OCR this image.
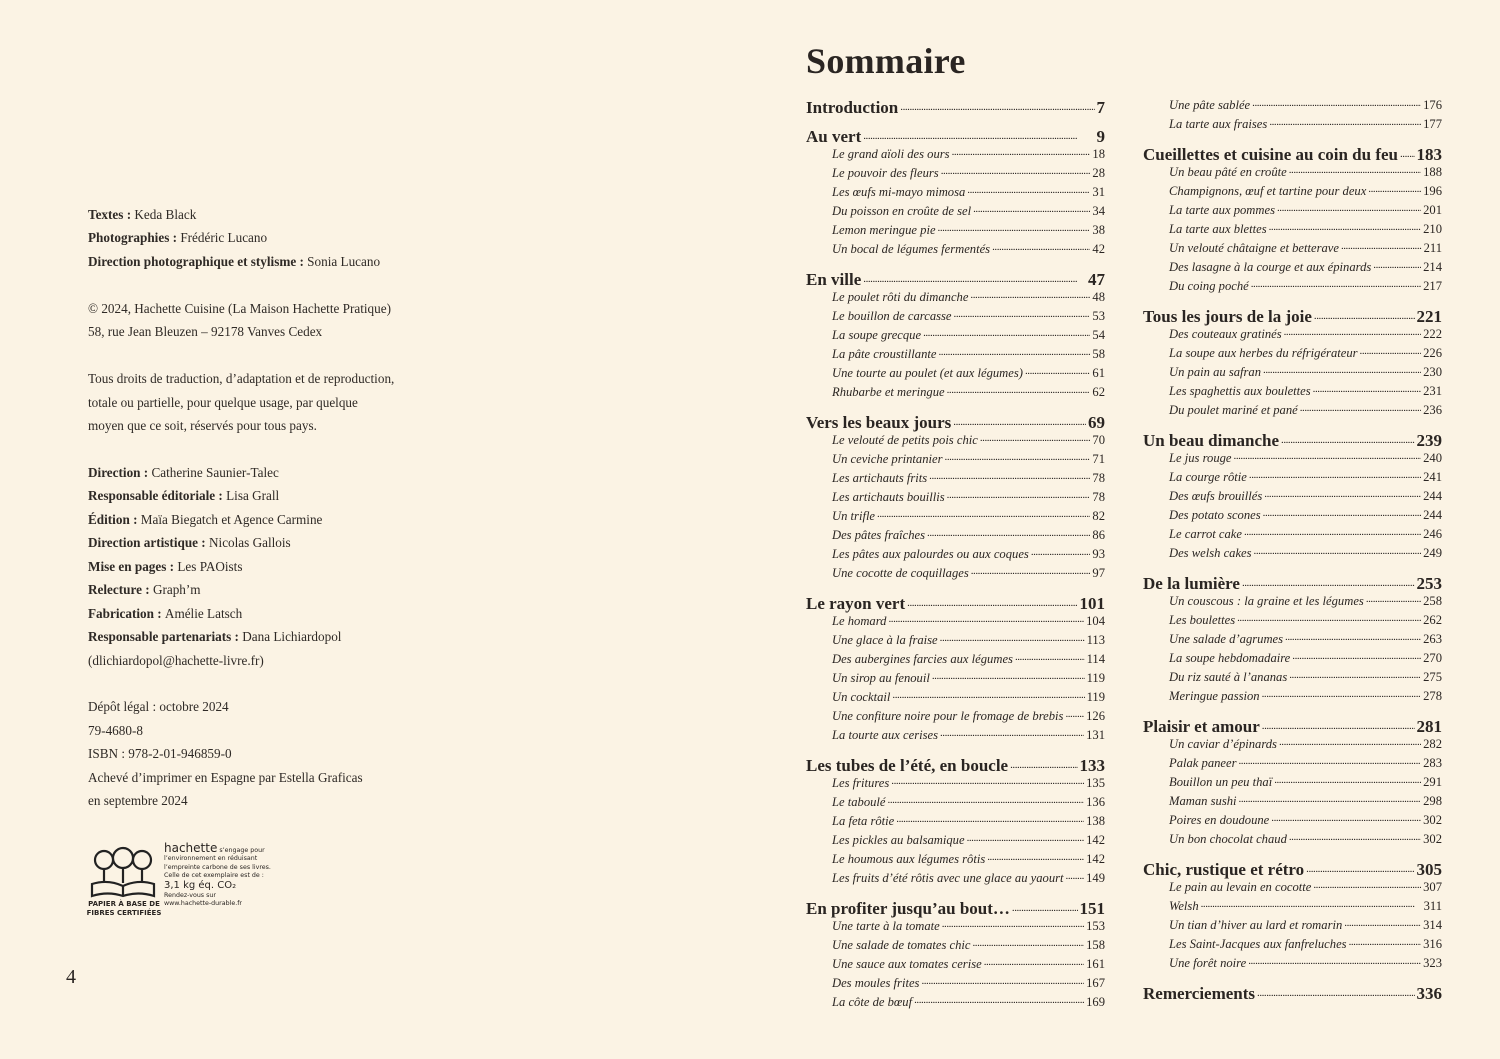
Textes : Keda Black
Photographies : Frédéric Lucano
Direction photographique et stylisme : Sonia Lucano
© 2024, Hachette Cuisine (La Maison Hachette Pratique)
58, rue Jean Bleuzen – 92178 Vanves Cedex
Tous droits de traduction, d’adaptation et de reproduction,
totale ou partielle, pour quelque usage, par quelque
moyen que ce soit, réservés pour tous pays.
Direction : Catherine Saunier-Talec
Responsable éditoriale : Lisa Grall
Édition : Maïa Biegatch et Agence Carmine
Direction artistique : Nicolas Gallois
Mise en pages : Les PAOists
Relecture : Graph’m
Fabrication : Amélie Latsch
Responsable partenariats : Dana Lichiardopol
(dlichiardopol@hachette-livre.fr)
Dépôt légal : octobre 2024
79-4680-8
ISBN : 978-2-01-946859-0
Achevé d’imprimer en Espagne par Estella Graficas
en septembre 2024
PAPIER À BASE DE
FIBRES CERTIFIÉES
hachette s’engage pour
l’environnement en réduisant
l’empreinte carbone de ses livres.
Celle de cet exemplaire est de :
3,1 kg éq. CO₂
Rendez-vous sur
www.hachette-durable.fr
4
Sommaire
Introduction . . .	7
Au vert . . .	9
Le grand aïoli des ours . . .	18
Le pouvoir des fleurs . . .	28
Les œufs mi-mayo mimosa . . .	31
Du poisson en croûte de sel . . .	34
Lemon meringue pie . . .	38
Un bocal de légumes fermentés . . .	42
En ville . . .	47
Le poulet rôti du dimanche . . .	48
Le bouillon de carcasse . . .	53
La soupe grecque . . .	54
La pâte croustillante . . .	58
Une tourte au poulet (et aux légumes) . . .	61
Rhubarbe et meringue . . .	62
Vers les beaux jours . . .	69
Le velouté de petits pois chic . . .	70
Un ceviche printanier . . .	71
Les artichauts frits . . .	78
Les artichauts bouillis . . .	78
Un trifle . . .	82
Des pâtes fraîches . . .	86
Les pâtes aux palourdes ou aux coques . . .	93
Une cocotte de coquillages . . .	97
Le rayon vert . . .	101
Le homard . . .	104
Une glace à la fraise . . .	113
Des aubergines farcies aux légumes . . .	114
Un sirop au fenouil . . .	119
Un cocktail . . .	119
Une confiture noire pour le fromage de brebis . . . 126
La tourte aux cerises . . .	131
Les tubes de l’été, en boucle . . .	133
Les fritures . . .	135
Le taboulé . . .	136
La feta rôtie . . .	138
Les pickles au balsamique . . .	142
Le houmous aux légumes rôtis . . .	142
Les fruits d’été rôtis avec une glace au yaourt . . . 149
En profiter jusqu’au bout… . . .	151
Une tarte à la tomate . . .	153
Une salade de tomates chic . . .	158
Une sauce aux tomates cerise . . .	161
Des moules frites . . .	167
La côte de bœuf . . .	169
Une pâte sablée . . .	176
La tarte aux fraises . . .	177
Cueillettes et cuisine au coin du feu . . . 183
Un beau pâté en croûte . . .	188
Champignons, œuf et tartine pour deux . . .	196
La tarte aux pommes . . .	201
La tarte aux blettes . . .	210
Un velouté châtaigne et betterave . . .	211
Des lasagne à la courge et aux épinards . . .	214
Du coing poché . . .	217
Tous les jours de la joie . . .	221
Des couteaux gratinés . . .	222
La soupe aux herbes du réfrigérateur . . .	226
Un pain au safran . . .	230
Les spaghettis aux boulettes . . .	231
Du poulet mariné et pané . . .	236
Un beau dimanche . . .	239
Le jus rouge . . .	240
La courge rôtie . . .	241
Des œufs brouillés . . .	244
Des potato scones . . .	244
Le carrot cake . . .	246
Des welsh cakes . . .	249
De la lumière . . .	253
Un couscous : la graine et les légumes . . .	258
Les boulettes . . .	262
Une salade d’agrumes . . .	263
La soupe hebdomadaire . . .	270
Du riz sauté à l’ananas . . .	275
Meringue passion . . .	278
Plaisir et amour . . .	281
Un caviar d’épinards . . .	282
Palak paneer . . .	283
Bouillon un peu thaï . . .	291
Maman sushi . . .	298
Poires en doudoune . . .	302
Un bon chocolat chaud . . .	302
Chic, rustique et rétro . . .	305
Le pain au levain en cocotte . . .	307
Welsh . . .	311
Un tian d’hiver au lard et romarin . . .	314
Les Saint-Jacques aux fanfreluches . . .	316
Une forêt noire . . .	323
Remerciements . . .	336
